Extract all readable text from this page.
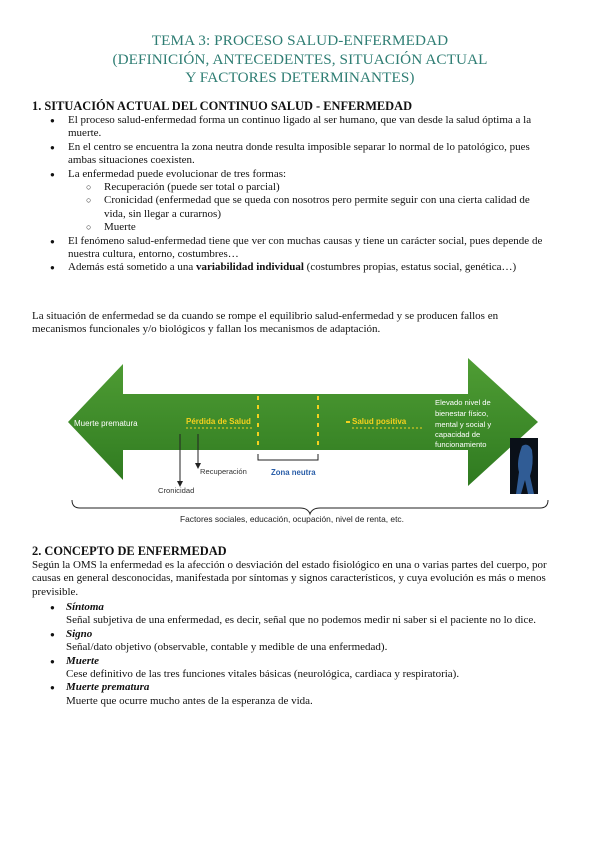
TEMA 3: PROCESO SALUD-ENFERMEDAD
(DEFINICIÓN, ANTECEDENTES, SITUACIÓN ACTUAL
Y FACTORES DETERMINANTES)
1. SITUACIÓN ACTUAL DEL CONTINUO SALUD - ENFERMEDAD
● El proceso salud-enfermedad forma un continuo ligado al ser humano, que van desde la salud óptima a la muerte.
● En el centro se encuentra la zona neutra donde resulta imposible separar lo normal de lo patológico, pues ambas situaciones coexisten.
● La enfermedad puede evolucionar de tres formas:
○ Recuperación (puede ser total o parcial)
○ Cronicidad (enfermedad que se queda con nosotros pero permite seguir con una cierta calidad de vida, sin llegar a curarnos)
○ Muerte
● El fenómeno salud-enfermedad tiene que ver con muchas causas y tiene un carácter social, pues depende de nuestra cultura, entorno, costumbres…
● Además está sometido a una variabilidad individual (costumbres propias, estatus social, genética…)
La situación de enfermedad se da cuando se rompe el equilibrio salud-enfermedad y se producen fallos en mecanismos funcionales y/o biológicos y fallan los mecanismos de adaptación.
Muerte prematura	Pérdida de Salud	Salud positiva
Elevado nivel de
bienestar físico,
mental y social y
capacidad de
funcionamiento
Recuperación
Cronicidad
Zona neutra
Factores sociales, educación, ocupación, nivel de renta, etc.
2. CONCEPTO DE ENFERMEDAD
Según la OMS la enfermedad es la afección o desviación del estado fisiológico en una o varias partes del cuerpo, por causas en general desconocidas, manifestada por síntomas y signos característicos, y cuya evolución es más o menos previsible.
● Síntoma
Señal subjetiva de una enfermedad, es decir, señal que no podemos medir ni saber si el paciente no lo dice.
● Signo
Señal/dato objetivo (observable, contable y medible de una enfermedad).
● Muerte
Cese definitivo de las tres funciones vitales básicas (neurológica, cardiaca y respiratoria).
● Muerte prematura
Muerte que ocurre mucho antes de la esperanza de vida.
